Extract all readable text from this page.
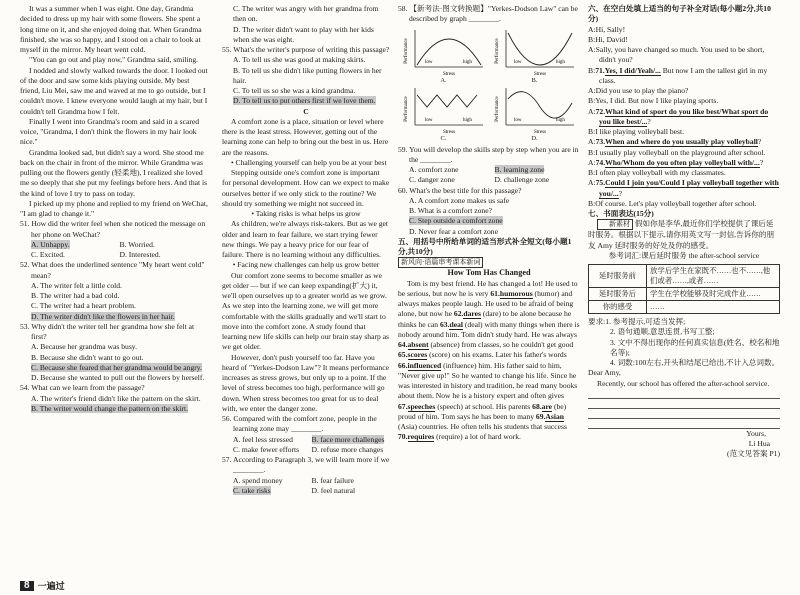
It was a summer when I was eight. One day, Grandma decided to dress up my hair with some flowers. She spent a long time on it, and she enjoyed doing that. When Grandma finished, she was so happy, and I stood on a chair to look at myself in the mirror. My heart went cold.

"You can go out and play now," Grandma said, smiling.

I nodded and slowly walked towards the door. I looked out of the door and saw some kids playing outside. My best friend, Liu Mei, saw me and waved at me to go outside, but I couldn't move. I knew everyone would laugh at my hair, but I couldn't tell Grandma how I felt.

Finally I went into Grandma's room and said in a scared voice, "Grandma, I don't think the flowers in my hair look nice."

Grandma looked sad, but didn't say a word. She stood me back on the chair in front of the mirror. While Grandma was pulling out the flowers gently (轻柔地), I realized she loved me so deeply that she put my feelings before hers. And that is the kind of love I try to pass on today.

I picked up my phone and replied to my friend on WeChat, "I am glad to change it."

51. How did the writer feel when she noticed the message on her phone on WeChat?

A. Unhappy.	B. Worried.
C. Excited.	D. Interested.

52. What does the underlined sentence "My heart went cold" mean?

A. The writer felt a little cold.

B. The writer had a bad cold.

C. The writer had a heart problem.

D. The writer didn't like the flowers in her hair.

53. Why didn't the writer tell her grandma how she felt at first?

A. Because her grandma was busy.

B. Because she didn't want to go out.

C. Because she feared that her grandma would be angry.

D. Because she wanted to pull out the flowers by herself.

54. What can we learn from the passage?

A. The writer's friend didn't like the pattern on the skirt.

B. The writer would change the pattern on the skirt.

C. The writer was angry with her grandma from then on.

D. The writer didn't want to play with her kids when she was eight.

55. What's the writer's purpose of writing this passage?

A. To tell us she was good at making skirts.

B. To tell us she didn't like putting flowers in her hair.

C. To tell us so she was a kind grandma.

D. To tell us to put others first if we love them.

C

A comfort zone is a place, situation or level where there is the least stress. However, getting out of the learning zone can help to bring out the best in us. Here are the reasons.

• Challenging yourself can help you be at your best

Stepping outside one's comfort zone is important for personal development. How can we expect to make ourselves better if we only stick to the routine? We should try something we might not succeed in.

• Taking risks is what helps us grow

As children, we're always risk-takers. But as we get older and learn to fear failure, we start trying fewer new things. We pay a heavy price for our fear of failure. There is no learning without any difficulties.

• Facing new challenges can help us grow better

Our comfort zone seems to become smaller as we get older — but if we can keep expanding(扩大) it, we'll open ourselves up to a greater world as we grow. As we step into the learning zone, we will get more comfortable with the skills gradually and we'll start to move into the comfort zone. A study found that learning new life skills can help our brain stay sharp as we get older.

However, don't push yourself too far. Have you heard of "Yerkes-Dodson Law"? It means performance increases as stress grows, but only up to a point. If the level of stress becomes too high, performance will go down. When stress becomes too great for us to deal with, we enter the danger zone.

56. Compared with the comfort zone, people in the learning zone may ________.

A. feel less stressed	B. face more challenges
C. make fewer efforts	D. refuse more changes

57. According to Paragraph 3, we will learn more if we ________.

A. spend money	B. fear failure
C. take risks	D. feel natural

58. 【新考法·图文转换题】"Yerkes-Dodson Law" can be described by graph ________.

Performance	low	high
Stress
A.
Performance	low	high
Stress
B.
Performance	low	high
Stress
C.
Performance	low	high
Stress
D.

59. You will develop the skills step by step when you are in the ________.

A. comfort zone	B. learning zone
C. danger zone	D. challenge zone

60. What's the best title for this passage?

A. A comfort zone makes us safe

B. What is a comfort zone?

C. Step outside a comfort zone

D. Never fear a comfort zone

五、用括号中所给单词的适当形式补全短文(每小题1分,共10分)

新风向·语篇串考课本新词

How Tom Has Changed

Tom is my best friend. He has changed a lot! He used to be serious, but now he is very 61.humorous (humor) and always makes people laugh. He used to be afraid of being alone, but now he 62.dares (dare) to be alone because he thinks he can 63.deal (deal) with many things when there is nobody around him. Tom didn't study hard. He was always 64.absent (absence) from classes, so he couldn't get good 65.scores (score) on his exams. Later his father's words 66.influenced (influence) him. His father said to him, "Never give up!" So he wanted to change his life. Since he was interested in history and tradition, he read many books about them. Now he is a history expert and often gives 67.speeches (speech) at school. His parents 68.are (be) proud of him. Tom says he has been to many 69.Asian (Asia) countries. He often tells his students that success 70.requires (require) a lot of hard work.

六、在空白处填上适当的句子补全对话(每小题2分,共10分)

A:Hi, Sally!

B:Hi, David!

A:Sally, you have changed so much. You used to be short, didn't you?

B:71.Yes, I did/Yeah/... But now I am the tallest girl in my class.

A:Did you use to play the piano?

B:Yes, I did. But now I like playing sports.

A:72.What kind of sport do you like best/What sport do you like best/...?

B:I like playing volleyball best.

A:73.When and where do you usually play volleyball?

B:I usually play volleyball on the playground after school.

A:74.Who/Whom do you often play volleyball with/...?

B:I often play volleyball with my classmates.

A:75.Could I join you/Could I play volleyball together with you/...?

B:Of course. Let's play volleyball together after school.

七、书面表达(15分)

新素材 假如你是李华,最近你们学校提供了课后延时服务。根据以下提示,请你用英文写一封信,告诉你的朋友 Amy 延时服务的好处及你的感受。

参考词汇:课后延时服务 the after-school service

延时服务前	放学后学生在家既不……也不……,他们或者……,或者……
延时服务后	学生在学校能够及时完成作业……
你的感受	……

要求:1. 参考提示,可适当发挥;

2. 语句通顺,意思连贯,书写工整;

3. 文中不得出现你的任何真实信息(姓名、校名和地名等);

4. 词数:100左右,开头和结尾已给出,不计入总词数。

Dear Amy,

Recently, our school has offered the after-school service.

Yours,

Li Hua

(范文见答案 P1)

8 一遍过
